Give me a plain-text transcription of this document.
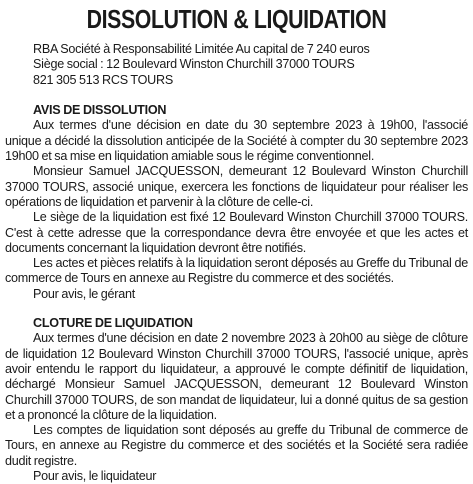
DISSOLUTION & LIQUIDATION

RBA Société à Responsabilité Limitée Au capital de 7 240 euros

Siège social : 12 Boulevard Winston Churchill 37000 TOURS

821 305 513 RCS TOURS

AVIS DE DISSOLUTION

Aux termes d'une décision en date du 30 septembre 2023 à 19h00, l'associé unique a décidé la dissolution anticipée de la Société à compter du 30 septembre 2023 19h00 et sa mise en liquidation amiable sous le régime conventionnel.

Monsieur Samuel JACQUESSON, demeurant 12 Boulevard Winston Churchill 37000 TOURS, associé unique, exercera les fonctions de liquidateur pour réaliser les opérations de liquidation et parvenir à la clôture de celle-ci.

Le siège de la liquidation est fixé 12 Boulevard Winston Churchill 37000 TOURS. C'est à cette adresse que la correspondance devra être envoyée et que les actes et documents concernant la liquidation devront être notifiés.

Les actes et pièces relatifs à la liquidation seront déposés au Greffe du Tribunal de commerce de Tours en annexe au Registre du commerce et des sociétés.

Pour avis, le gérant

CLOTURE DE LIQUIDATION

Aux termes d'une décision en date 2 novembre 2023 à 20h00 au siège de clôture de liquidation 12 Boulevard Winston Churchill 37000 TOURS, l'associé unique, après avoir entendu le rapport du liquidateur, a approuvé le compte définitif de liquidation, déchargé Monsieur Samuel JACQUESSON, demeurant 12 Boulevard Winston Churchill 37000 TOURS, de son mandat de liquidateur, lui a donné quitus de sa gestion et a prononcé la clôture de la liquidation.

Les comptes de liquidation sont déposés au greffe du Tribunal de commerce de Tours, en annexe au Registre du commerce et des sociétés et la Société sera radiée dudit registre.

Pour avis, le liquidateur
